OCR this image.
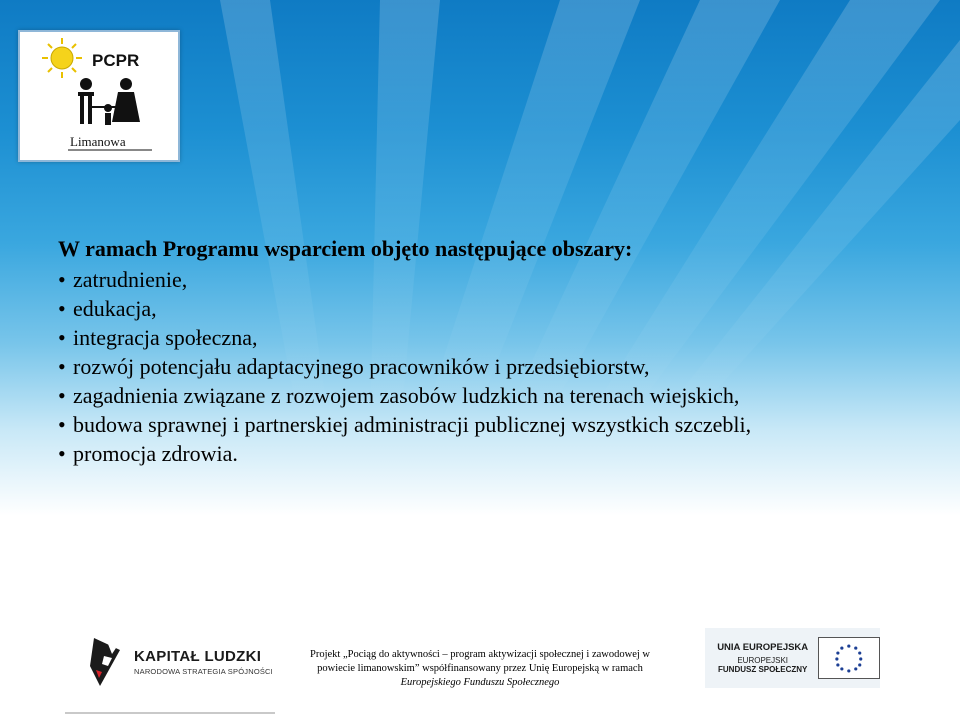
PCPR
Limanowa
W ramach Programu wsparciem objęto następujące obszary:
• zatrudnienie,
• edukacja,
• integracja społeczna,
• rozwój potencjału adaptacyjnego pracowników i przedsiębiorstw,
• zagadnienia związane z rozwojem zasobów ludzkich na terenach wiejskich,
• budowa sprawnej i partnerskiej administracji publicznej wszystkich szczebli,
• promocja zdrowia.
KAPITAŁ LUDZKI
NARODOWA STRATEGIA SPÓJNOŚCI
Projekt „Pociąg do aktywności – program aktywizacji społecznej i zawodowej w
powiecie limanowskim” współfinansowany przez Unię Europejską w ramach
Europejskiego Funduszu Społecznego
UNIA EUROPEJSKA
EUROPEJSKI
FUNDUSZ SPOŁECZNY
